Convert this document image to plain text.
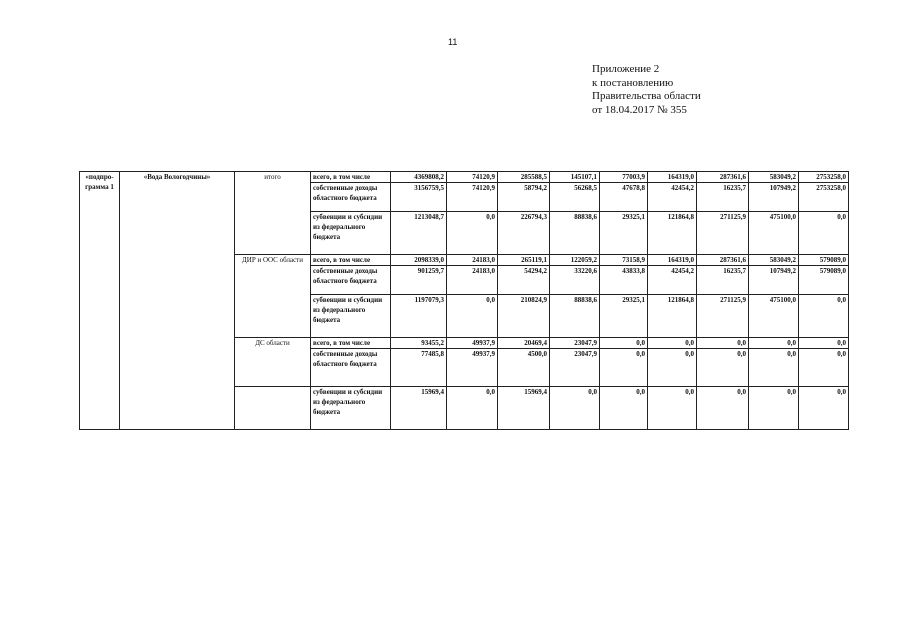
11
Приложение 2
к постановлению
Правительства области
от 18.04.2017 № 355
«подпро-
грамма 1	«Вода Вологодчины»	итого	всего, в том числе	4369808,2	74120,9	285588,5	145107,1	77003,9	164319,0	287361,6	583049,2	2753258,0
			собственные доходы областного бюджета	3156759,5	74120,9	58794,2	56268,5	47678,8	42454,2	16235,7	107949,2	2753258,0
			субвенции и субсидии из федерального бюджета	1213048,7	0,0	226794,3	88838,6	29325,1	121864,8	271125,9	475100,0	0,0
		ДИР и ООС области	всего, в том числе	2098339,0	24183,0	265119,1	122059,2	73158,9	164319,0	287361,6	583049,2	579089,0
			собственные доходы областного бюджета	901259,7	24183,0	54294,2	33220,6	43833,8	42454,2	16235,7	107949,2	579089,0
			субвенции и субсидии из федерального бюджета	1197079,3	0,0	210824,9	88838,6	29325,1	121864,8	271125,9	475100,0	0,0
		ДС области	всего, в том числе	93455,2	49937,9	20469,4	23047,9	0,0	0,0	0,0	0,0	0,0
			собственные доходы областного бюджета	77485,8	49937,9	4500,0	23047,9	0,0	0,0	0,0	0,0	0,0
			субвенции и субсидии из федерального бюджета	15969,4	0,0	15969,4	0,0	0,0	0,0	0,0	0,0	0,0
